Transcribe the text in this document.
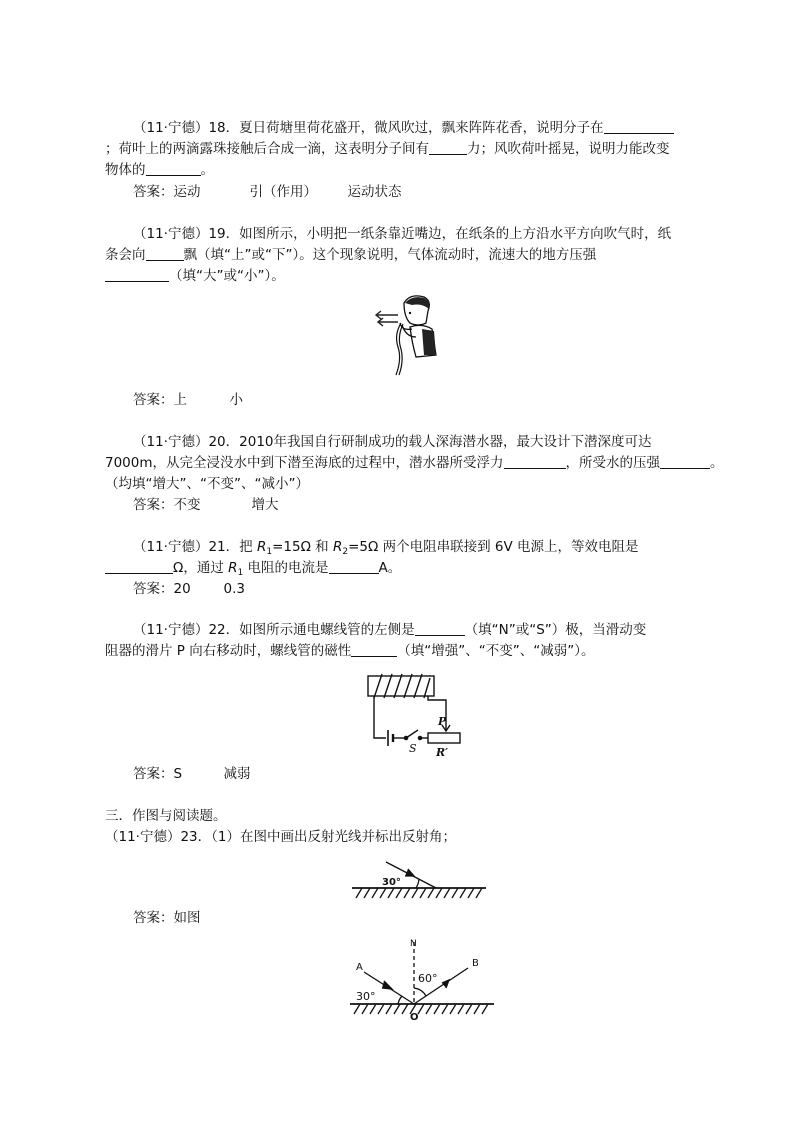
（11·宁德）18．夏日荷塘里荷花盛开，微风吹过，飘来阵阵花香，说明分子在
；荷叶上的两滴露珠接触后合成一滴，这表明分子间有	力；风吹荷叶摇晃，说明力能改变
物体的	。
答案：运动	引（作用） 运动状态
（11·宁德）19．如图所示，小明把一纸条靠近嘴边，在纸条的上方沿水平方向吹气时，纸
条会向	飘（填“上”或“下”）。这个现象说明，气体流动时，流速大的地方压强
（填“大”或“小”）。
答案：上	小
（11·宁德）20．2010年我国自行研制成功的载人深海潜水器，最大设计下潜深度可达
7000m，从完全浸没水中到下潜至海底的过程中，潜水器所受浮力	，所受水的压强	。
（均填“增大”、“不变”、“减小”）
答案：不变	增大
（11·宁德）21．把 $R_1=15\Omega$ 和 $R_2=5\Omega$ 两个电阻串联接到 6V 电源上，等效电阻是
Ω，通过 $R_1$ 电阻的电流是	A。
答案：20 0.3
（11·宁德）22．如图所示通电螺线管的左侧是	（填“N”或“S”）极，当滑动变
阻器的滑片 P 向右移动时，螺线管的磁性	（填“增强”、“不变”、“减弱”）。
P
S R′
答案：S	减弱
三．作图与阅读题。
（11·宁德）23．（1）在图中画出反射光线并标出反射角；
30°
答案：如图
N
A	B
O
30°
60°
